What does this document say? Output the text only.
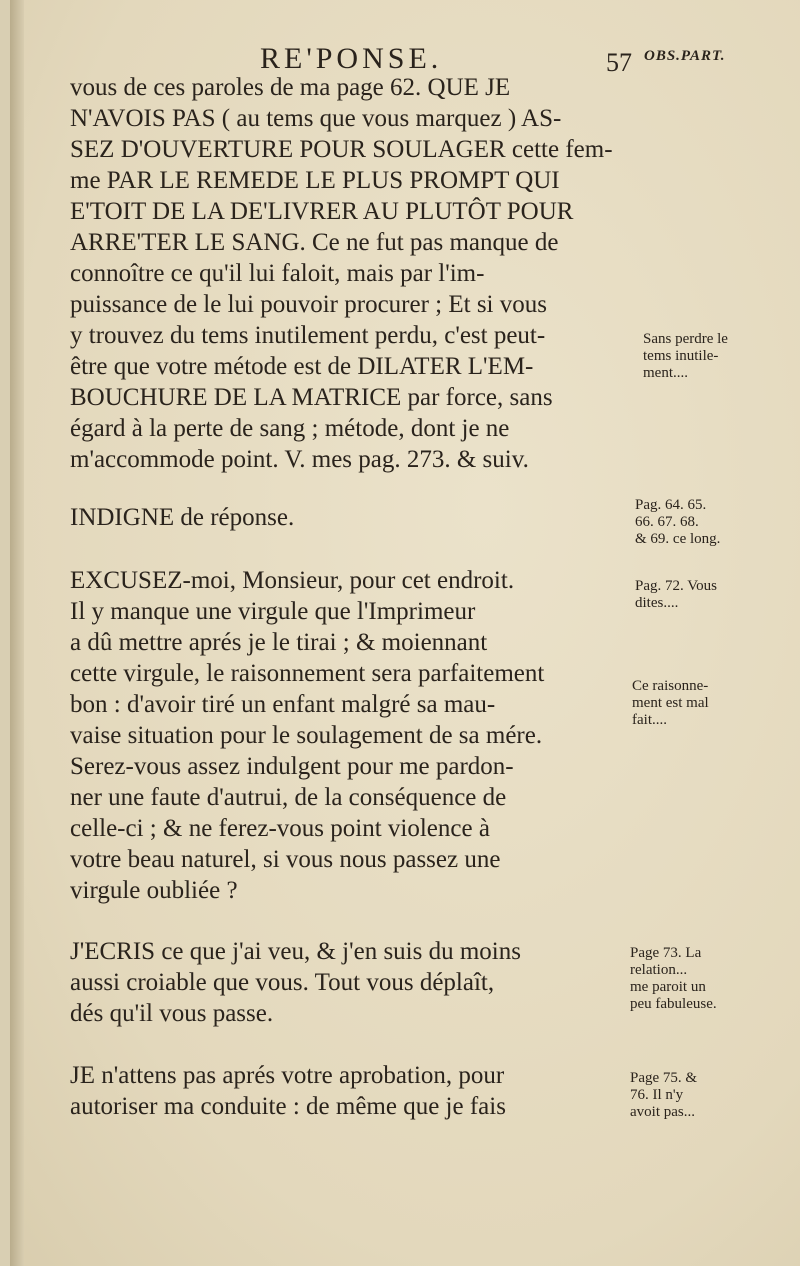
RE'PONSE.	57 OBS.PART.
vous de ces paroles de ma page 62. QUE JE
N'AVOIS PAS ( au tems que vous marquez ) AS-
SEZ D'OUVERTURE POUR SOULAGER cette fem-
me PAR LE REMEDE LE PLUS PROMPT QUI
E'TOIT DE LA DE'LIVRER AU PLUTÔT POUR
ARRE'TER LE SANG. Ce ne fut pas manque de
connoître ce qu'il lui faloit, mais par l'im-
puissance de le lui pouvoir procurer ; Et si vous
y trouvez du tems inutilement perdu, c'est peut-
être que votre métode est de DILATER L'EM-
BOUCHURE DE LA MATRICE par force, sans
égard à la perte de sang ; métode, dont je ne
m'accommode point. V. mes pag. 273. & suiv.
INDIGNE de réponse.
EXCUSEZ-moi, Monsieur, pour cet endroit.
Il y manque une virgule que l'Imprimeur
a dû mettre aprés je le tirai ; & moiennant
cette virgule, le raisonnement sera parfaitement
bon : d'avoir tiré un enfant malgré sa mau-
vaise situation pour le soulagement de sa mére.
Serez-vous assez indulgent pour me pardon-
ner une faute d'autrui, de la conséquence de
celle-ci ; & ne ferez-vous point violence à
votre beau naturel, si vous nous passez une
virgule oubliée ?
J'ECRIS ce que j'ai veu, & j'en suis du moins
aussi croiable que vous. Tout vous déplaît,
dés qu'il vous passe.
JE n'attens pas aprés votre aprobation, pour
autoriser ma conduite : de même que je fais
Sans perdre le
tems inutile-
ment....
Pag. 64. 65.
66. 67. 68.
& 69. ce long.
Pag. 72. Vous
dites....
Ce raisonne-
ment est mal
fait....
Page 73. La
relation...
me paroit un
peu fabuleuse.
Page 75. &
76. Il n'y
avoit pas...
